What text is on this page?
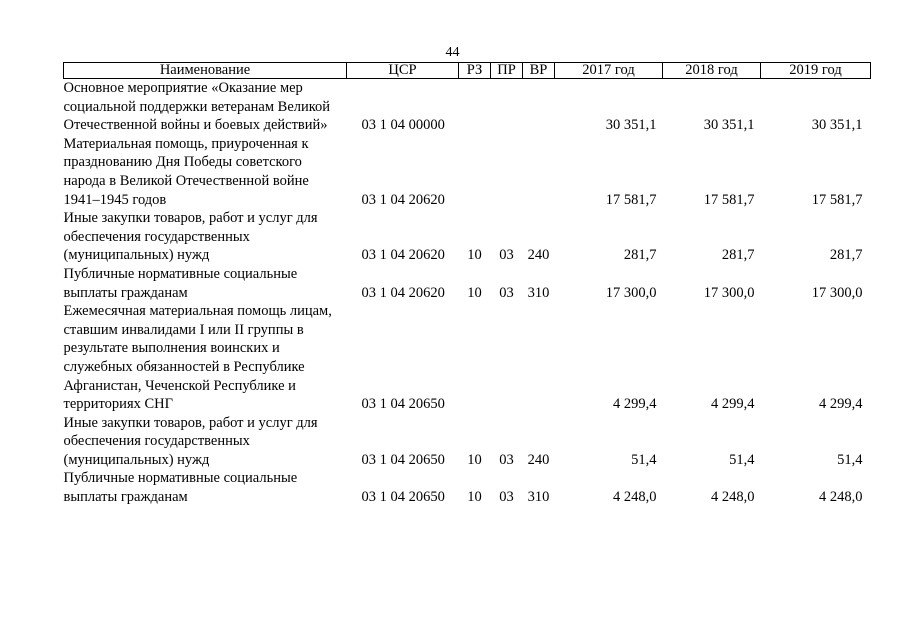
44
Наименование	ЦСР	РЗ	ПР	ВР	2017 год	2018 год	2019 год
Основное мероприятие «Оказание мер социальной поддержки ветеранам Великой Отечественной войны и боевых действий»	03 1 04 00000				30 351,1	30 351,1	30 351,1
Материальная помощь, приуроченная к празднованию Дня Победы советского народа в Великой Отечественной войне 1941–1945 годов	03 1 04 20620				17 581,7	17 581,7	17 581,7
Иные закупки товаров, работ и услуг для обеспечения государственных (муниципальных) нужд	03 1 04 20620	10	03	240	281,7	281,7	281,7
Публичные нормативные социальные выплаты гражданам	03 1 04 20620	10	03	310	17 300,0	17 300,0	17 300,0
Ежемесячная материальная помощь лицам, ставшим инвалидами I или II группы в результате выполнения воинских и служебных обязанностей в Республике Афганистан, Чеченской Республике и территориях СНГ	03 1 04 20650				4 299,4	4 299,4	4 299,4
Иные закупки товаров, работ и услуг для обеспечения государственных (муниципальных) нужд	03 1 04 20650	10	03	240	51,4	51,4	51,4
Публичные нормативные социальные выплаты гражданам	03 1 04 20650	10	03	310	4 248,0	4 248,0	4 248,0
